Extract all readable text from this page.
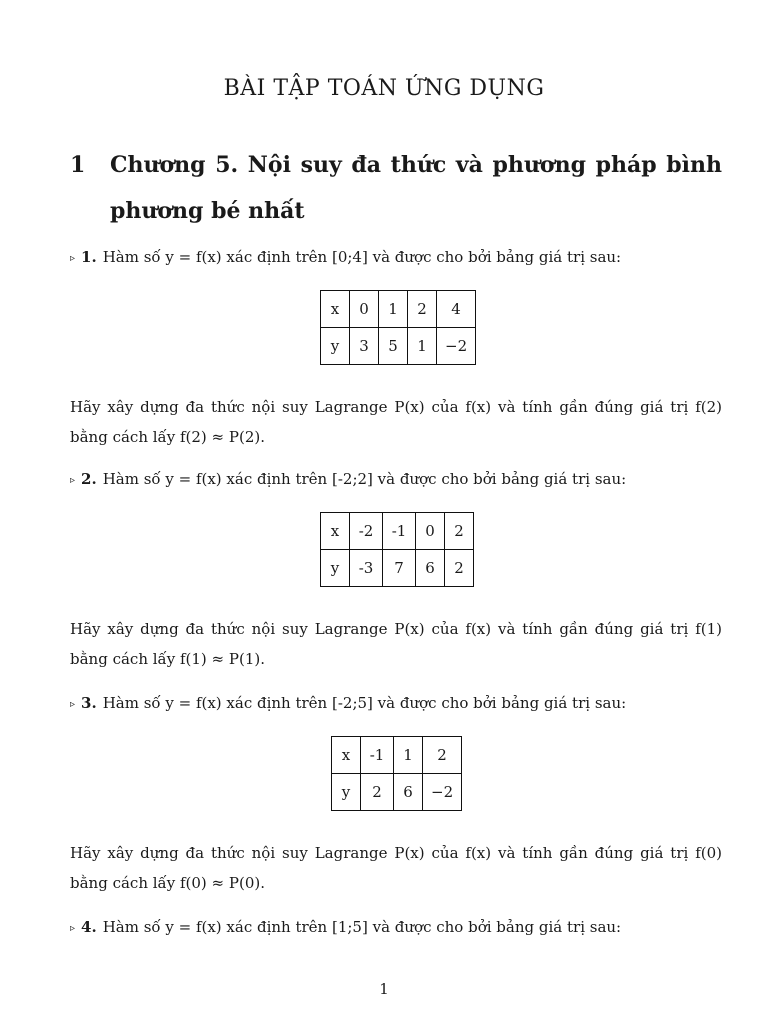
BÀI TẬP TOÁN ỨNG DỤNG
1 Chương 5. Nội suy đa thức và phương pháp bình phương bé nhất
▹ 1. Hàm số y = f(x) xác định trên [0;4] và được cho bởi bảng giá trị sau:
x	0	1	2	4
y	3	5	1	−2
Hãy xây dựng đa thức nội suy Lagrange P(x) của f(x) và tính gần đúng giá trị f(2) bằng cách lấy f(2) ≈ P(2).
▹ 2. Hàm số y = f(x) xác định trên [-2;2] và được cho bởi bảng giá trị sau:
x	-2	-1	0	2
y	-3	7	6	2
Hãy xây dựng đa thức nội suy Lagrange P(x) của f(x) và tính gần đúng giá trị f(1) bằng cách lấy f(1) ≈ P(1).
▹ 3. Hàm số y = f(x) xác định trên [-2;5] và được cho bởi bảng giá trị sau:
x	-1	1	2
y	2	6	−2
Hãy xây dựng đa thức nội suy Lagrange P(x) của f(x) và tính gần đúng giá trị f(0) bằng cách lấy f(0) ≈ P(0).
▹ 4. Hàm số y = f(x) xác định trên [1;5] và được cho bởi bảng giá trị sau:
1
